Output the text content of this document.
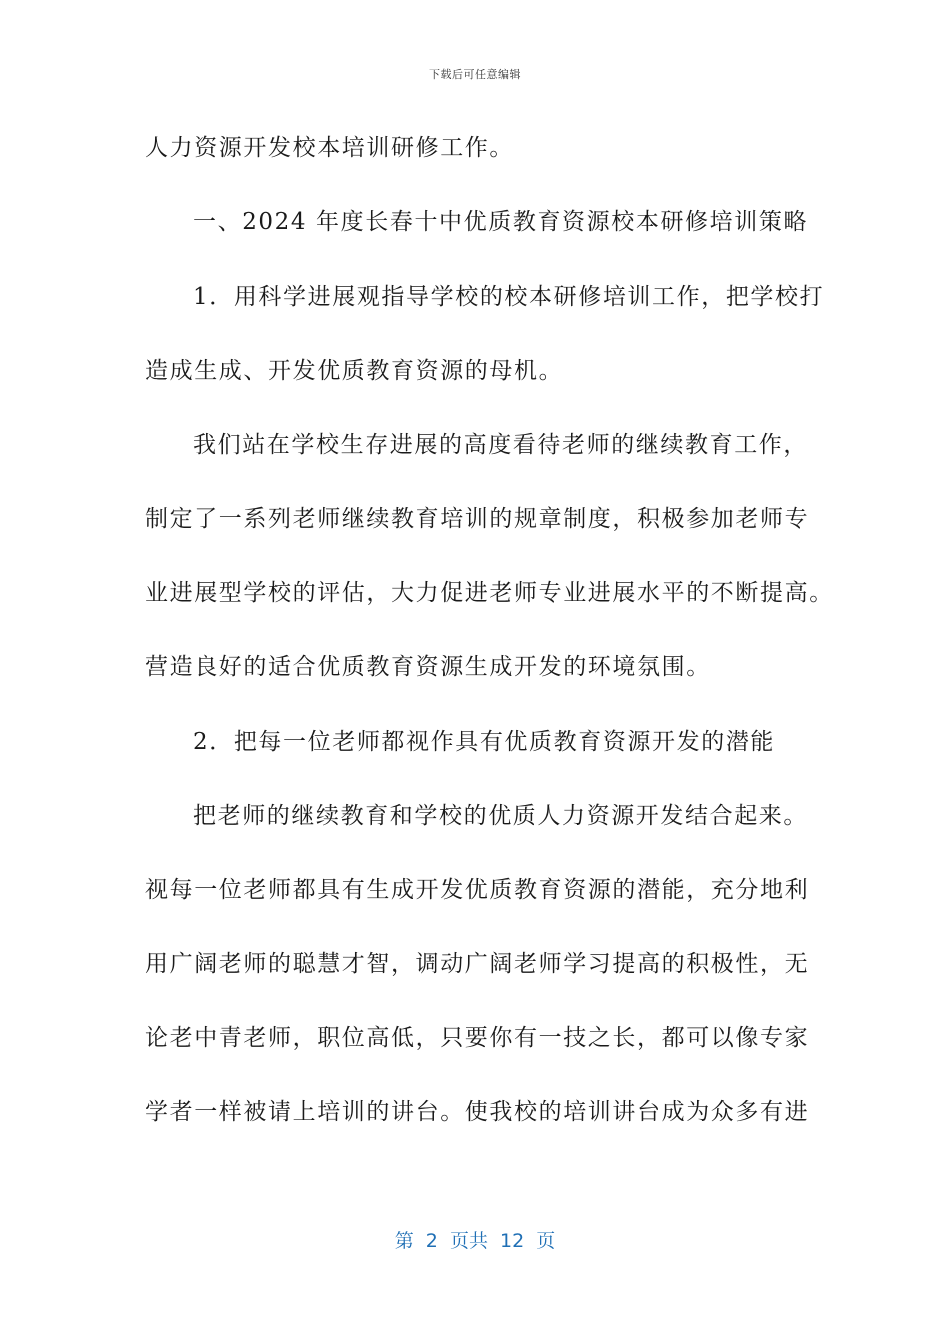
下载后可任意编辑
人力资源开发校本培训研修工作。
一、2024 年度长春十中优质教育资源校本研修培训策略
1．用科学进展观指导学校的校本研修培训工作，把学校打
造成生成、开发优质教育资源的母机。
我们站在学校生存进展的高度看待老师的继续教育工作，
制定了一系列老师继续教育培训的规章制度，积极参加老师专
业进展型学校的评估，大力促进老师专业进展水平的不断提高。
营造良好的适合优质教育资源生成开发的环境氛围。
2．把每一位老师都视作具有优质教育资源开发的潜能
把老师的继续教育和学校的优质人力资源开发结合起来。
视每一位老师都具有生成开发优质教育资源的潜能，充分地利
用广阔老师的聪慧才智，调动广阔老师学习提高的积极性，无
论老中青老师，职位高低，只要你有一技之长，都可以像专家
学者一样被请上培训的讲台。使我校的培训讲台成为众多有进
第  2  页共  12  页
